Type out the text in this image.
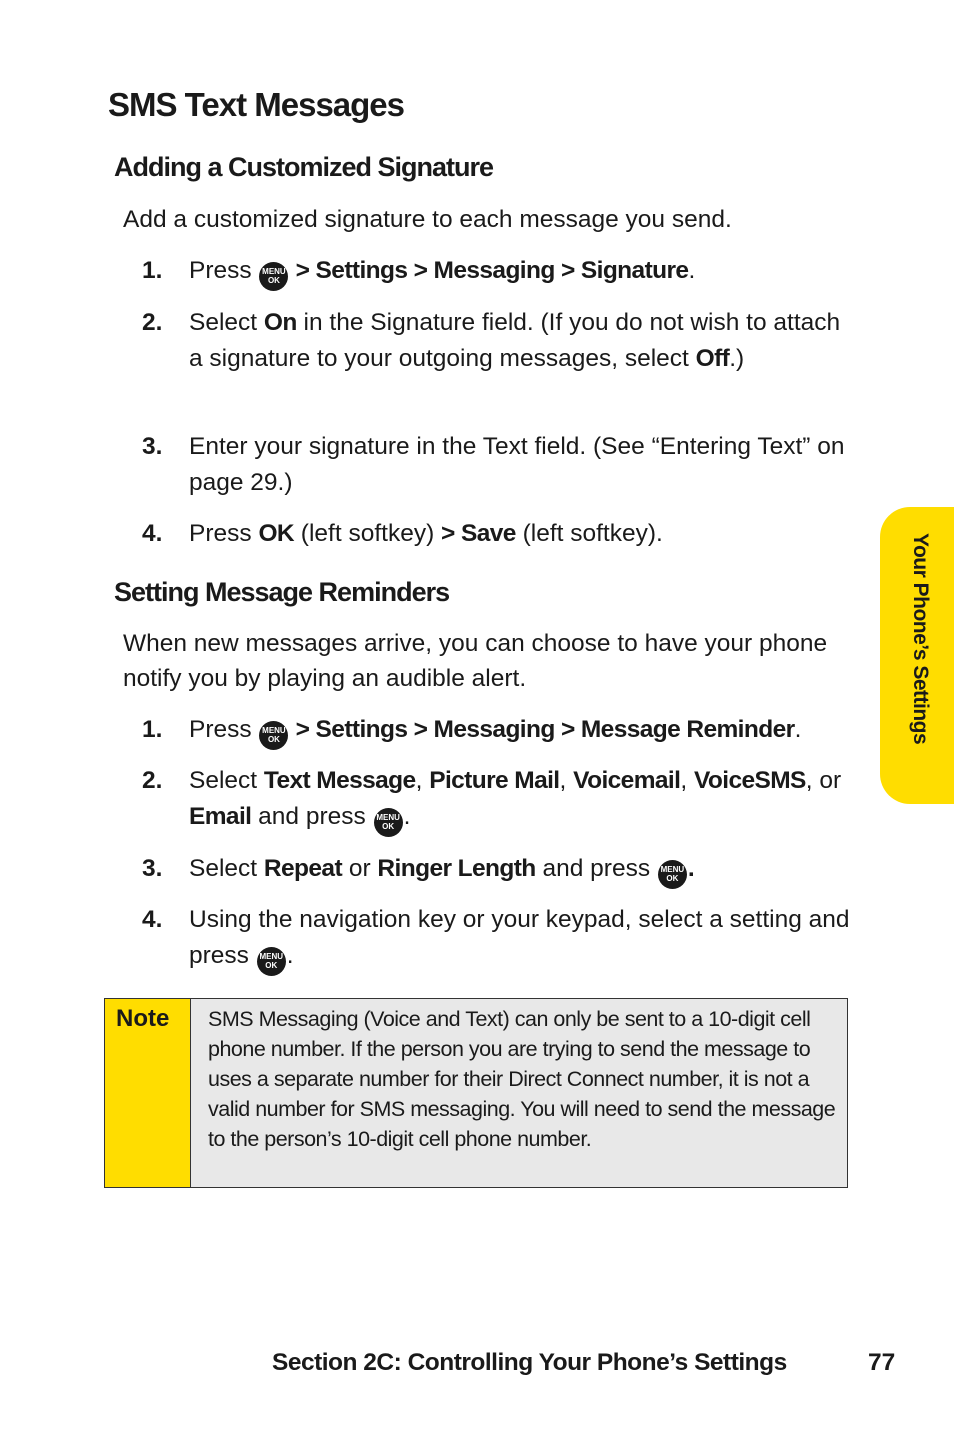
SMS Text Messages
Adding a Customized Signature

Add a customized signature to each message you send.

1.	Press MENU
OK > Settings > Messaging > Signature.
2.	Select On in the Signature field. (If you do not wish to attach a signature to your outgoing messages, select Off.)
3.	Enter your signature in the Text field. (See “Entering Text” on page 29.)
4.	Press OK (left softkey) > Save (left softkey).
Setting Message Reminders

When new messages arrive, you can choose to have your phone notify you by playing an audible alert.

1.	Press MENU
OK > Settings > Messaging > Message Reminder.
2.	Select Text Message, Picture Mail, Voicemail, VoiceSMS, or Email and press MENU
OK .
3.	Select Repeat or Ringer Length and press MENU
OK .
4.	Using the navigation key or your keypad, select a setting and press MENU
OK .
Note	SMS Messaging (Voice and Text) can only be sent to a 10-digit cell phone number. If the person you are trying to send the message to uses a separate number for their Direct Connect number, it is not a valid number for SMS messaging. You will need to send the message to the person’s 10-digit cell phone number.
Your Phone’s Settings
Section 2C: Controlling Your Phone’s Settings	77
